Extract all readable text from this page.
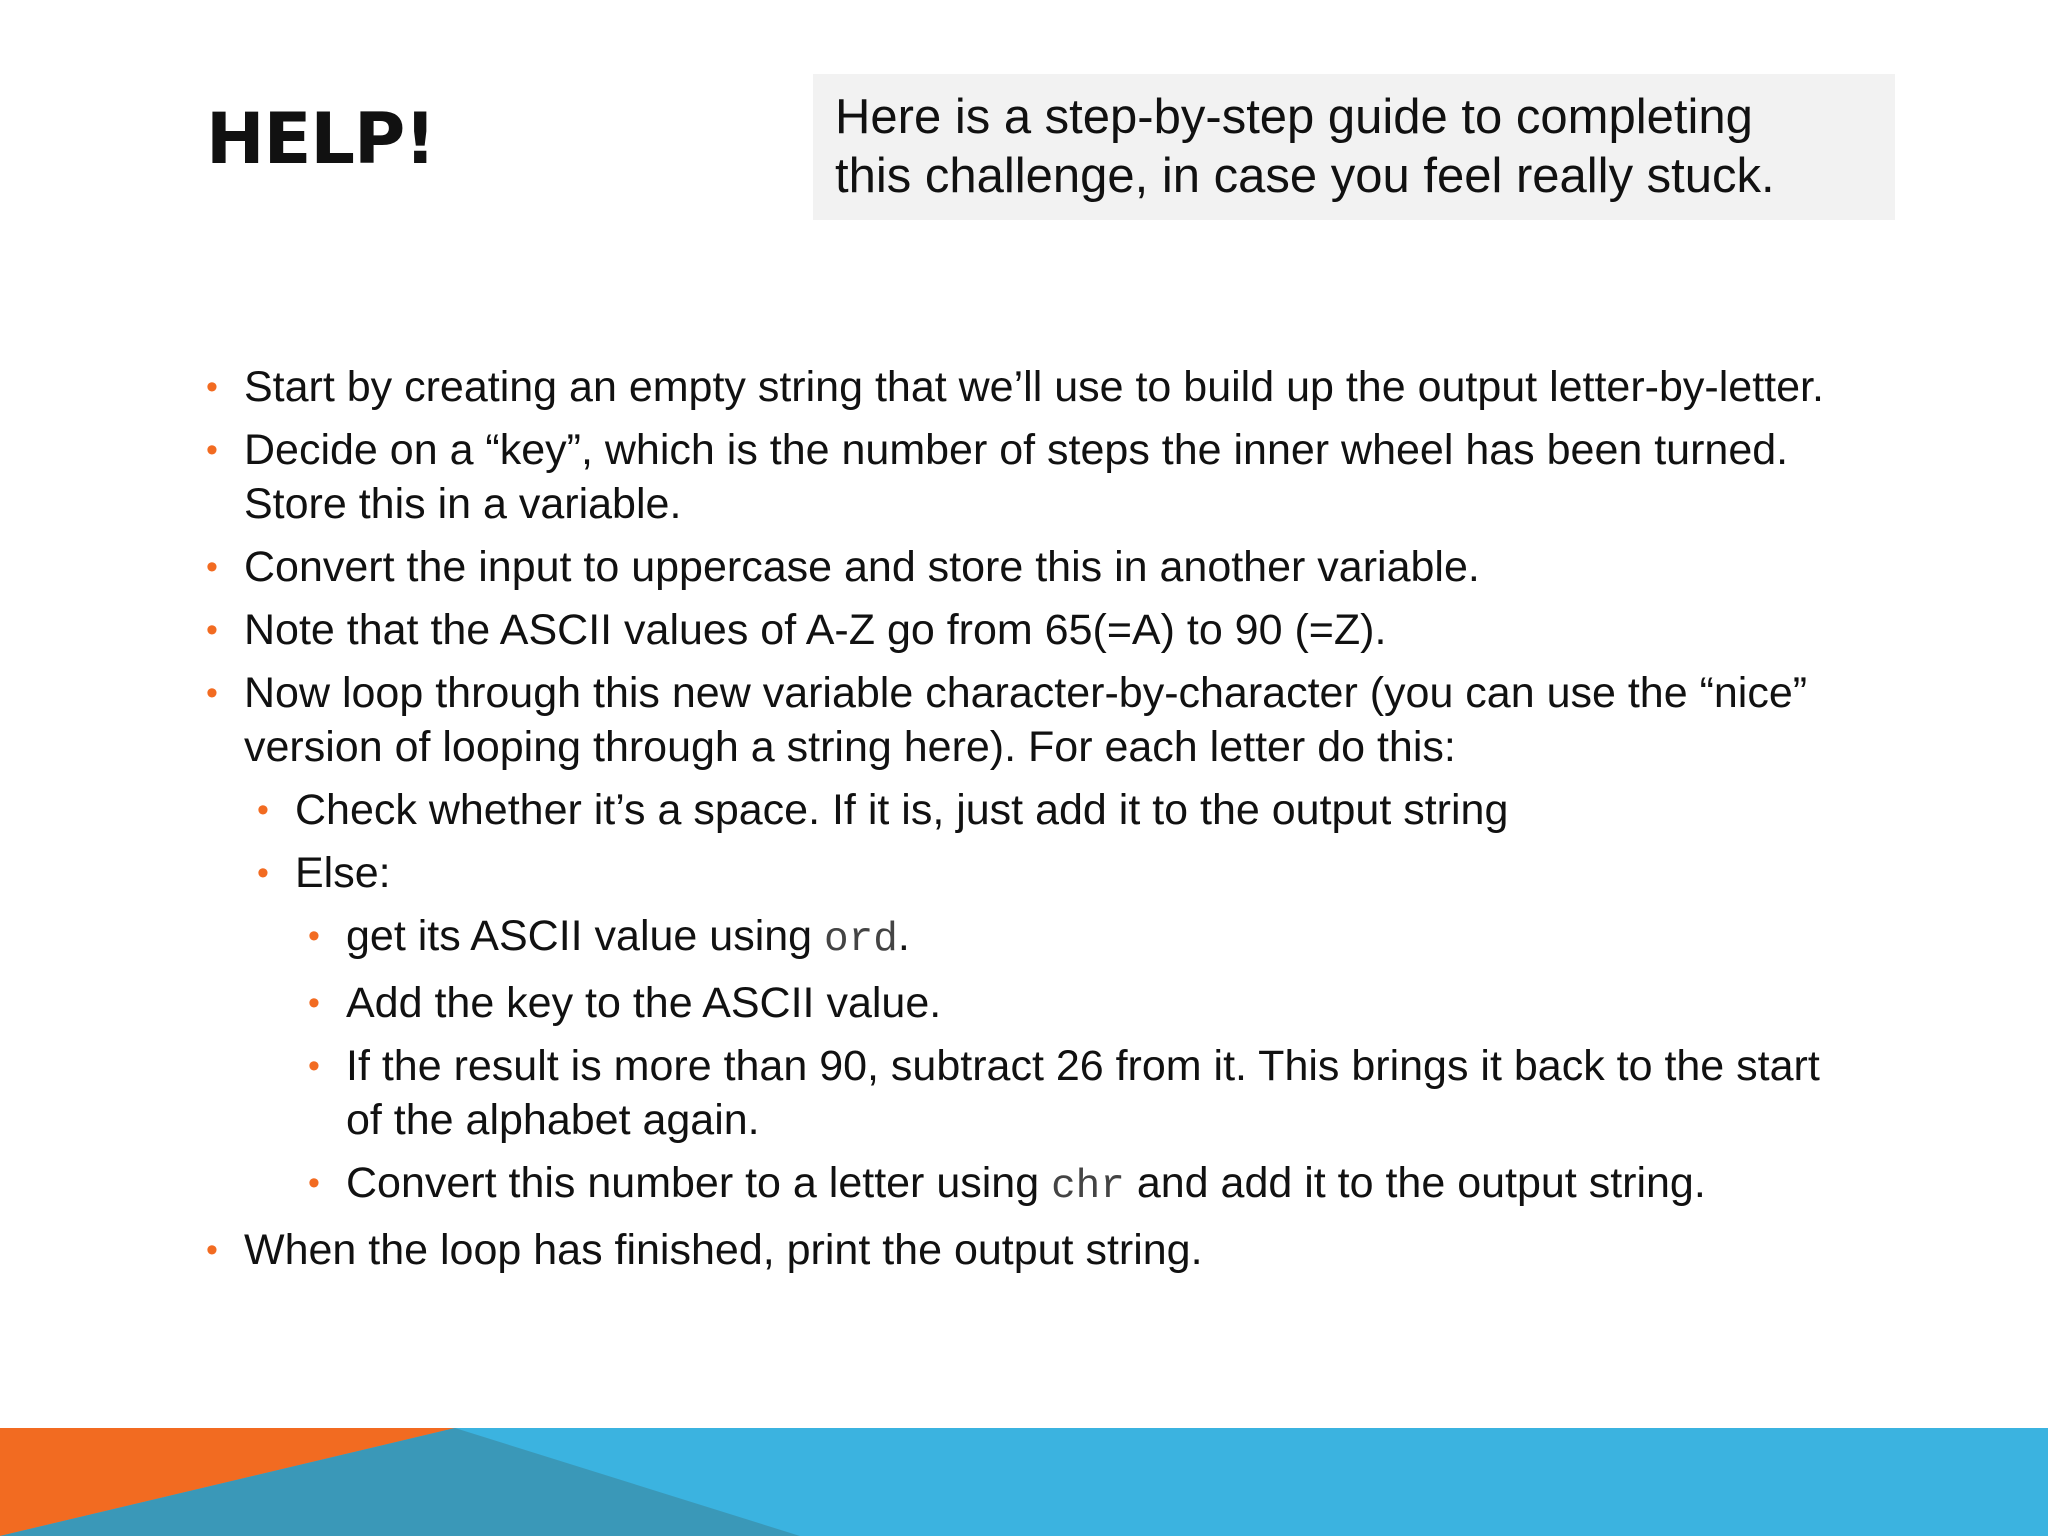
HELP!	Here is a step-by-step guide to completing
this challenge, in case you feel really stuck.
• Start by creating an empty string that we’ll use to build up the output letter-by-letter.
• Decide on a “key”, which is the number of steps the inner wheel has been turned. Store this in a variable.
• Convert the input to uppercase and store this in another variable.
• Note that the ASCII values of A-Z go from 65(=A) to 90 (=Z).
• Now loop through this new variable character-by-character (you can use the “nice” version of looping through a string here). For each letter do this:
• Check whether it’s a space. If it is, just add it to the output string
• Else:
• get its ASCII value using ord.
• Add the key to the ASCII value.
• If the result is more than 90, subtract 26 from it. This brings it back to the start of the alphabet again.
• Convert this number to a letter using chr and add it to the output string.
• When the loop has finished, print the output string.
